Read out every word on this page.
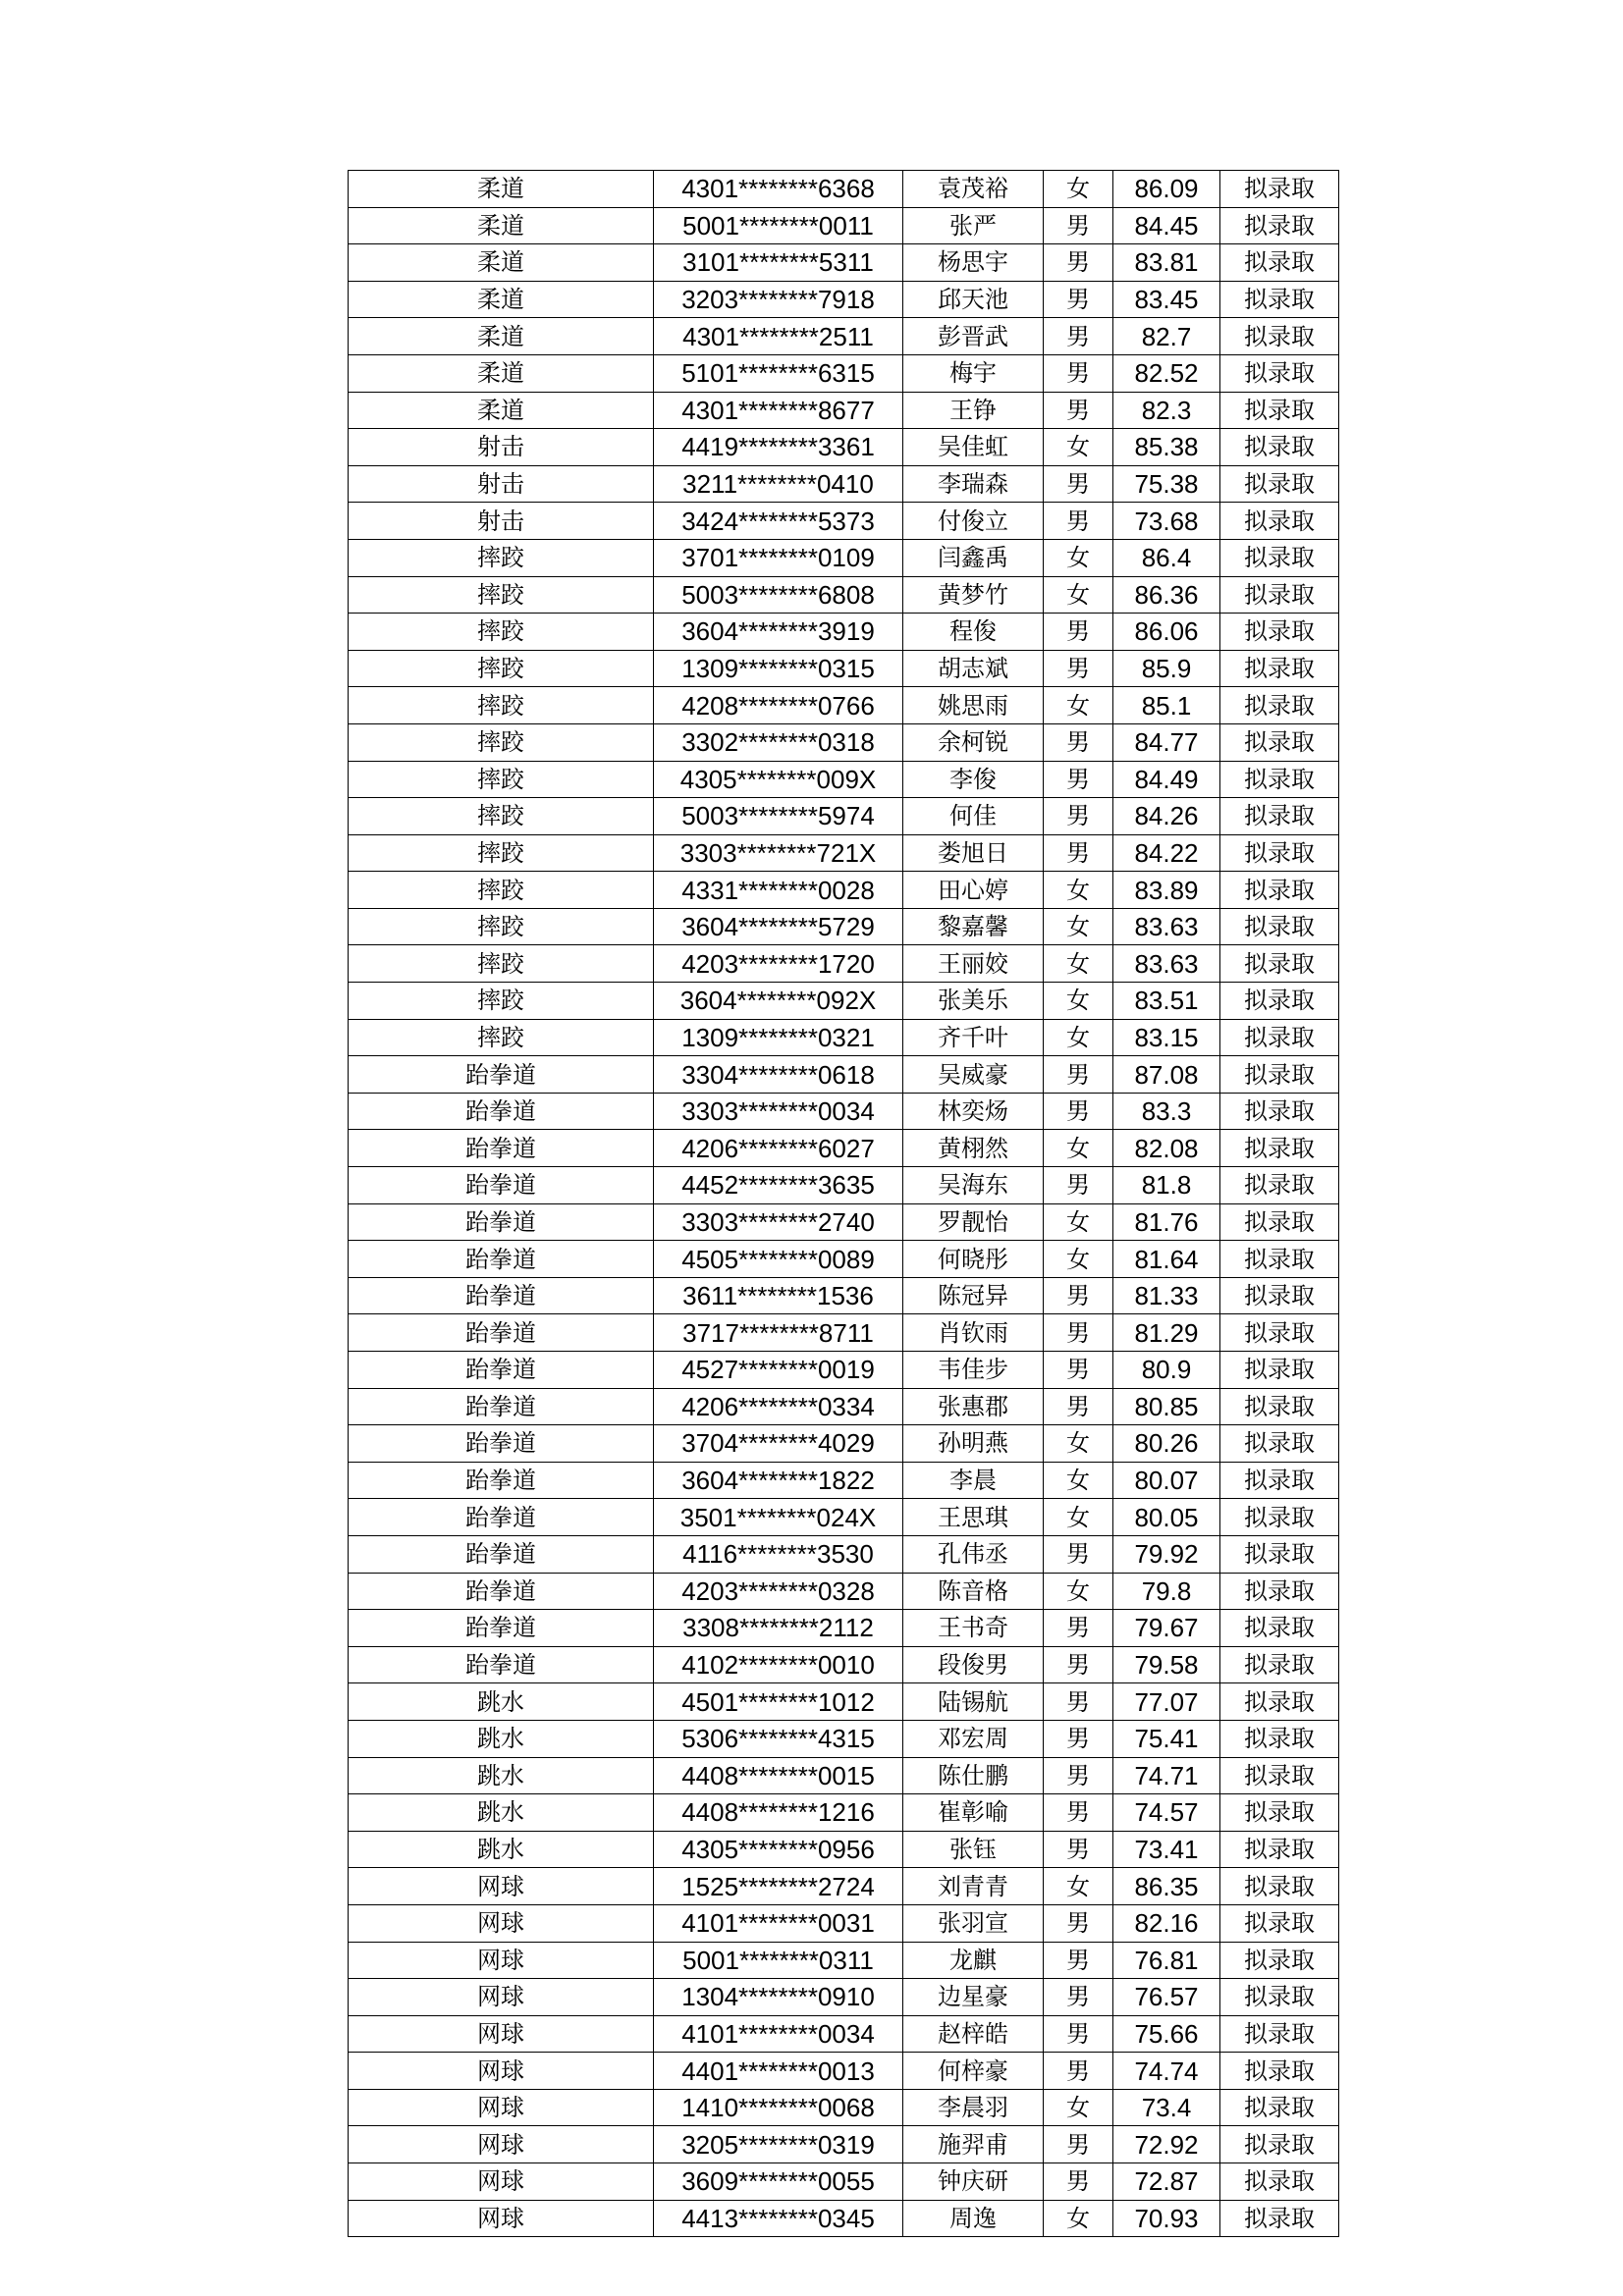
柔道	4301********6368	袁茂裕	女	86.09	拟录取
柔道	5001********0011	张严	男	84.45	拟录取
柔道	3101********5311	杨思宇	男	83.81	拟录取
柔道	3203********7918	邱天池	男	83.45	拟录取
柔道	4301********2511	彭晋武	男	82.7	拟录取
柔道	5101********6315	梅宇	男	82.52	拟录取
柔道	4301********8677	王铮	男	82.3	拟录取
射击	4419********3361	吴佳虹	女	85.38	拟录取
射击	3211********0410	李瑞森	男	75.38	拟录取
射击	3424********5373	付俊立	男	73.68	拟录取
摔跤	3701********0109	闫鑫禹	女	86.4	拟录取
摔跤	5003********6808	黄梦竹	女	86.36	拟录取
摔跤	3604********3919	程俊	男	86.06	拟录取
摔跤	1309********0315	胡志斌	男	85.9	拟录取
摔跤	4208********0766	姚思雨	女	85.1	拟录取
摔跤	3302********0318	余柯锐	男	84.77	拟录取
摔跤	4305********009X	李俊	男	84.49	拟录取
摔跤	5003********5974	何佳	男	84.26	拟录取
摔跤	3303********721X	娄旭日	男	84.22	拟录取
摔跤	4331********0028	田心婷	女	83.89	拟录取
摔跤	3604********5729	黎嘉馨	女	83.63	拟录取
摔跤	4203********1720	王丽姣	女	83.63	拟录取
摔跤	3604********092X	张美乐	女	83.51	拟录取
摔跤	1309********0321	齐千叶	女	83.15	拟录取
跆拳道	3304********0618	吴威豪	男	87.08	拟录取
跆拳道	3303********0034	林奕炀	男	83.3	拟录取
跆拳道	4206********6027	黄栩然	女	82.08	拟录取
跆拳道	4452********3635	吴海东	男	81.8	拟录取
跆拳道	3303********2740	罗靓怡	女	81.76	拟录取
跆拳道	4505********0089	何晓彤	女	81.64	拟录取
跆拳道	3611********1536	陈冠异	男	81.33	拟录取
跆拳道	3717********8711	肖钦雨	男	81.29	拟录取
跆拳道	4527********0019	韦佳步	男	80.9	拟录取
跆拳道	4206********0334	张惠郡	男	80.85	拟录取
跆拳道	3704********4029	孙明燕	女	80.26	拟录取
跆拳道	3604********1822	李晨	女	80.07	拟录取
跆拳道	3501********024X	王思琪	女	80.05	拟录取
跆拳道	4116********3530	孔伟丞	男	79.92	拟录取
跆拳道	4203********0328	陈音格	女	79.8	拟录取
跆拳道	3308********2112	王书奇	男	79.67	拟录取
跆拳道	4102********0010	段俊男	男	79.58	拟录取
跳水	4501********1012	陆锡航	男	77.07	拟录取
跳水	5306********4315	邓宏周	男	75.41	拟录取
跳水	4408********0015	陈仕鹏	男	74.71	拟录取
跳水	4408********1216	崔彰喻	男	74.57	拟录取
跳水	4305********0956	张钰	男	73.41	拟录取
网球	1525********2724	刘青青	女	86.35	拟录取
网球	4101********0031	张羽宣	男	82.16	拟录取
网球	5001********0311	龙麒	男	76.81	拟录取
网球	1304********0910	边星豪	男	76.57	拟录取
网球	4101********0034	赵梓皓	男	75.66	拟录取
网球	4401********0013	何梓豪	男	74.74	拟录取
网球	1410********0068	李晨羽	女	73.4	拟录取
网球	3205********0319	施羿甫	男	72.92	拟录取
网球	3609********0055	钟庆研	男	72.87	拟录取
网球	4413********0345	周逸	女	70.93	拟录取
